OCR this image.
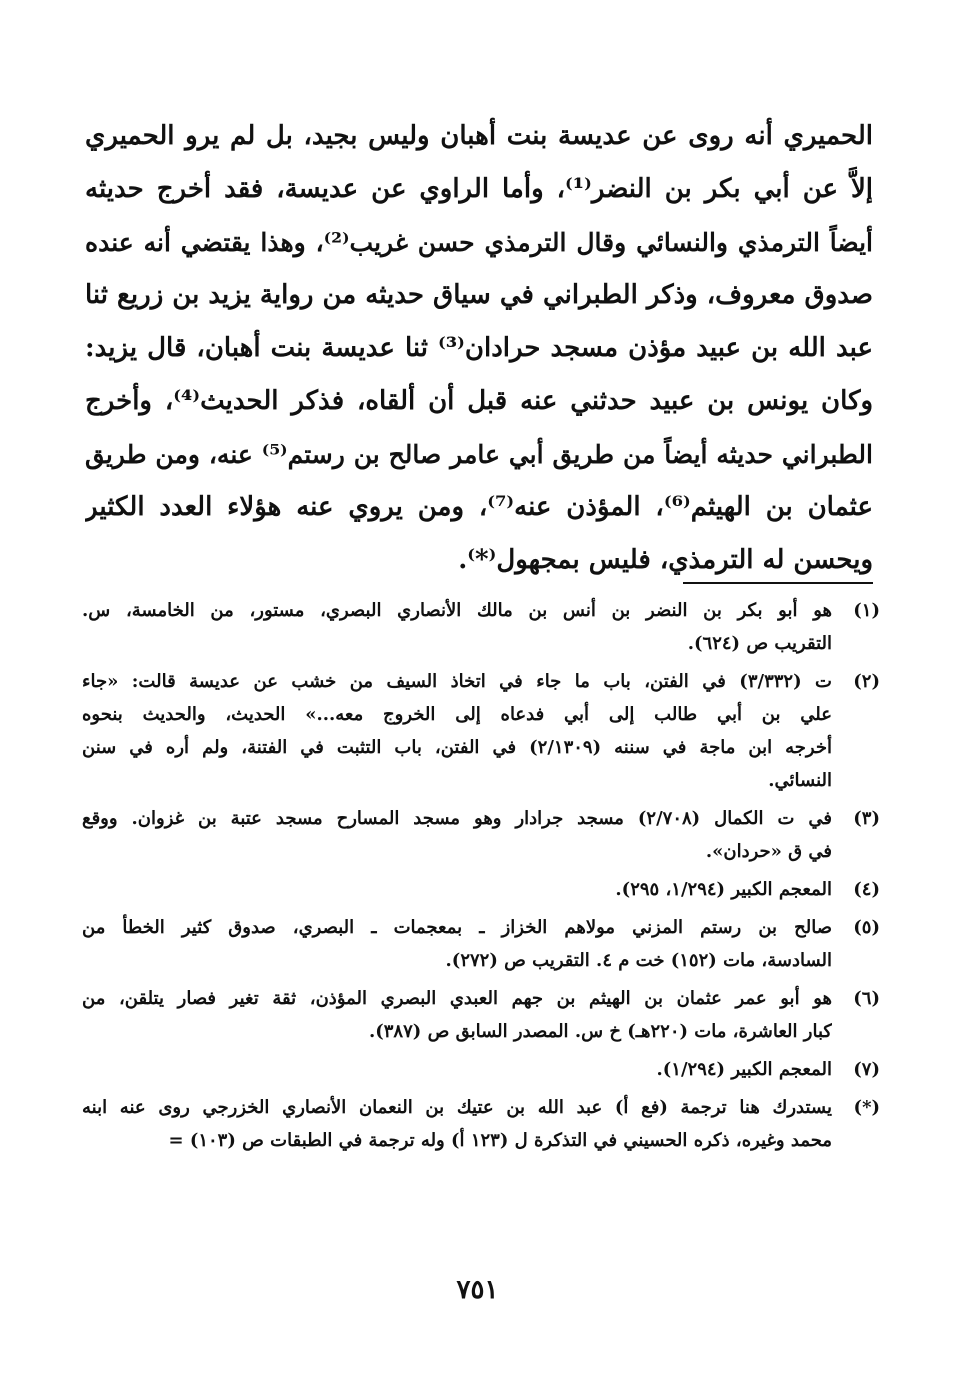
الحميري أنه روى عن عديسة بنت أهبان وليس بجيد، بل لم يرو الحميري
إلاَّ عن أبي بكر بن النضر⁽¹⁾، وأما الراوي عن عديسة، فقد أخرج حديثه
أيضاً الترمذي والنسائي وقال الترمذي حسن غريب⁽²⁾، وهذا يقتضي أنه عنده
صدوق معروف، وذكر الطبراني في سياق حديثه من رواية يزيد بن زريع ثنا
عبد الله بن عبيد مؤذن مسجد حرادان⁽³⁾ ثنا عديسة بنت أهبان، قال يزيد:
وكان يونس بن عبيد حدثني عنه قبل أن ألقاه، فذكر الحديث⁽⁴⁾، وأخرج
الطبراني حديثه أيضاً من طريق أبي عامر صالح بن رستم⁽⁵⁾ عنه، ومن طريق
عثمان بن الهيثم⁽⁶⁾، المؤذن عنه⁽⁷⁾، ومن يروي عنه هؤلاء العدد الكثير
ويحسن له الترمذي، فليس بمجهول⁽*⁾.
(١)
هو أبو بكر بن النضر بن أنس بن مالك الأنصاري البصري، مستور، من الخامسة، س.
التقريب ص (٦٢٤).
(٢)
ت (٣/٣٣٢) في الفتن، باب ما جاء في اتخاذ السيف من خشب عن عديسة قالت: «جاء
علي بن أبي طالب إلى أبي فدعاه إلى الخروج معه...» الحديث، والحديث بنحوه
أخرجه ابن ماجة في سننه (٢/١٣٠٩) في الفتن، باب التثبت في الفتنة، ولم أره في سنن
النسائي.
(٣)
في ت الكمال (٢/٧٠٨) مسجد جرادار وهو مسجد المسارح مسجد عتبة بن غزوان. ووقع
في ق «حردان».
(٤)
المعجم الكبير (١/٢٩٤، ٢٩٥).
(٥)
صالح بن رستم المزني مولاهم الخزاز ـ بمعجمات ـ البصري، صدوق كثير الخطأ من
السادسة، مات (١٥٢) خت م ٤. التقريب ص (٢٧٢).
(٦)
هو أبو عمر عثمان بن الهيثم بن جهم العبدي البصري المؤذن، ثقة تغير فصار يتلقن، من
كبار العاشرة، مات (٢٢٠هـ) خ س. المصدر السابق ص (٣٨٧).
(٧)
المعجم الكبير (١/٢٩٤).
(*)
يستدرك هنا ترجمة (فع أ) عبد الله بن عتيك بن النعمان الأنصاري الخزرجي روى عنه ابنه
محمد وغيره، ذكره الحسيني في التذكرة ل (١٢٣ أ) وله ترجمة في الطبقات ص (١٠٣) =
٧٥١
